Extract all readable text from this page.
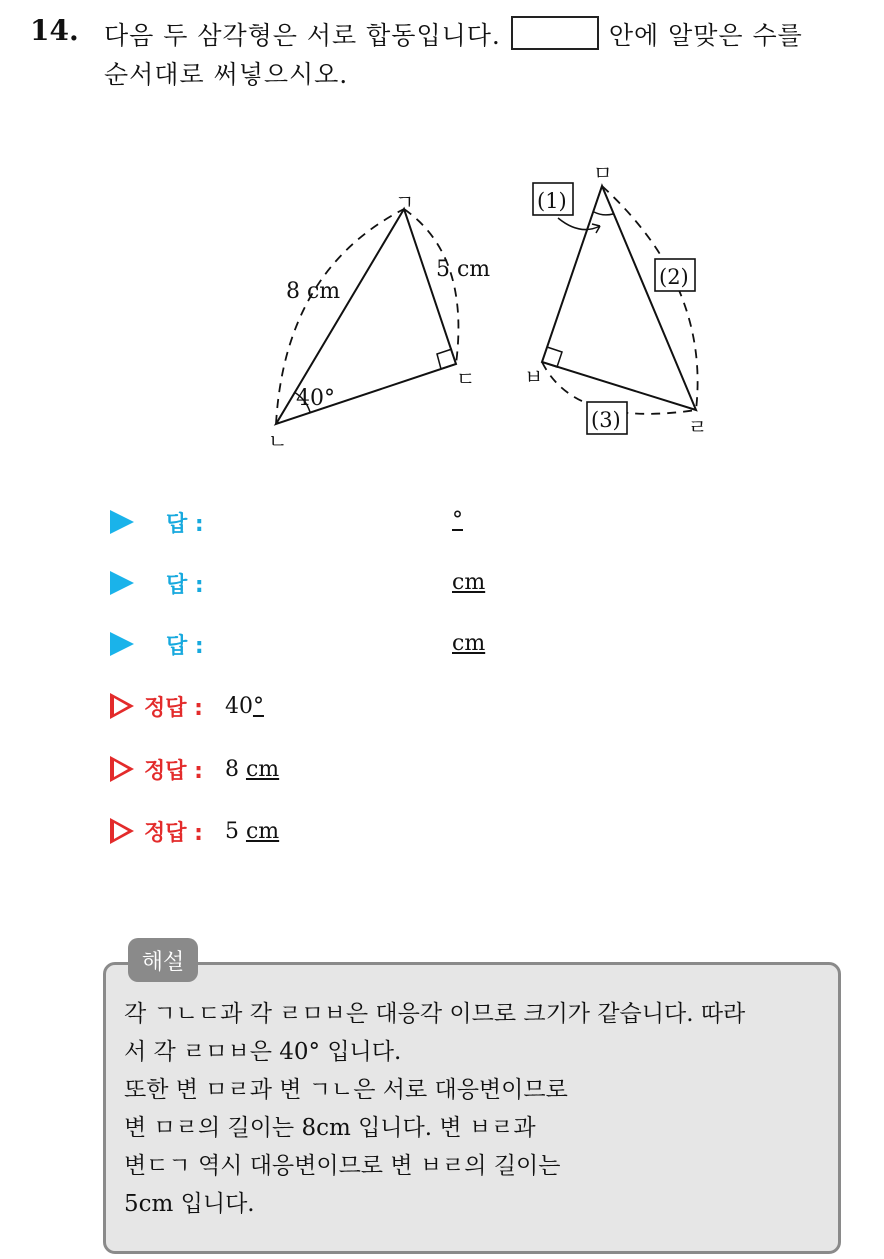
14. 다음 두 삼각형은 서로 합동입니다.	안에 알맞은 수를
순서대로 써넣으시오.
ㄱ
ㄴ
ㄷ
8 cm
5 cm
40°
ㅁ
ㅂ
ㄹ
(1)
(2)
(3)
답 :	°
답 :	cm
답 :	cm
정답 : 40°
정답 : 8 cm
정답 : 5 cm
해설
각 ㄱㄴㄷ과 각 ㄹㅁㅂ은 대응각 이므로 크기가 같습니다. 따라
서 각 ㄹㅁㅂ은 40° 입니다.
또한 변 ㅁㄹ과 변 ㄱㄴ은 서로 대응변이므로
변 ㅁㄹ의 길이는 8cm 입니다. 변 ㅂㄹ과
변ㄷㄱ 역시 대응변이므로 변 ㅂㄹ의 길이는
5cm 입니다.
